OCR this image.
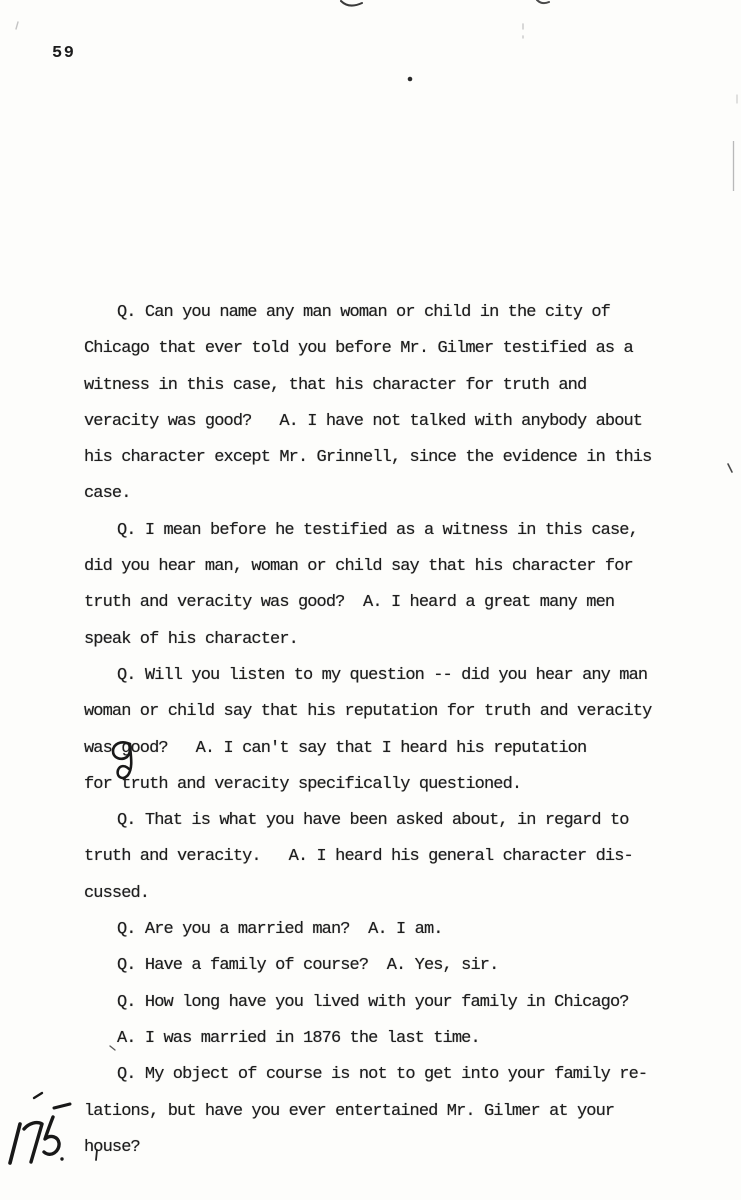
59
Q. Can you name any man woman or child in the city of
Chicago that ever told you before Mr. Gilmer testified as a
witness in this case, that his character for truth and
veracity was good?   A. I have not talked with anybody about
his character except Mr. Grinnell, since the evidence in this
case.
Q. I mean before he testified as a witness in this case,
did you hear man, woman or child say that his character for
truth and veracity was good?  A. I heard a great many men
speak of his character.
Q. Will you listen to my question -- did you hear any man
woman or child say that his reputation for truth and veracity
was good?   A. I can't say that I heard his reputation
for truth and veracity specifically questioned.
Q. That is what you have been asked about, in regard to
truth and veracity.   A. I heard his general character dis-
cussed.
Q. Are you a married man?  A. I am.
Q. Have a family of course?  A. Yes, sir.
Q. How long have you lived with your family in Chicago?
A. I was married in 1876 the last time.
Q. My object of course is not to get into your family re-
lations, but have you ever entertained Mr. Gilmer at your
house?
